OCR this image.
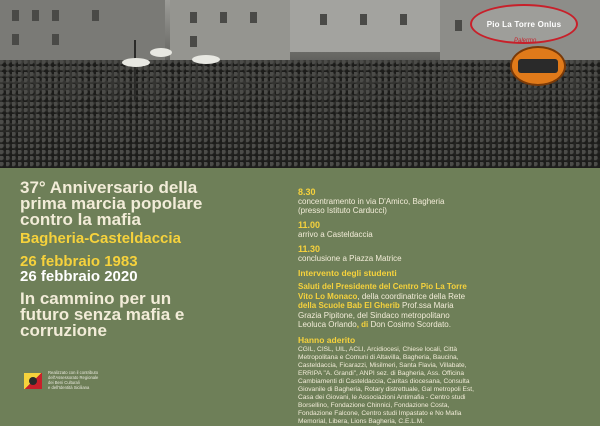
Pio La Torre Onlus
Palermo
37° Anniversario della
prima marcia popolare
contro la mafia
Bagheria-Casteldaccia
26 febbraio 1983
26 febbraio 2020
In cammino per un
futuro senza mafia e
corruzione
8.30
concentramento in via D'Amico, Bagheria
(presso Istituto Carducci)
11.00
arrivo a Casteldaccia
11.30
conclusione a Piazza Matrice
Intervento degli studenti
Saluti del Presidente del Centro Pio La Torre
Vito Lo Monaco, della coordinatrice della Rete
della Scuole Bab El Gherib Prof.ssa Maria
Grazia Pipitone, del Sindaco metropolitano
Leoluca Orlando, di Don Cosimo Scordato.
Hanno aderito
CGIL, CISL, UIL, ACLI, Arcidiocesi, Chiese locali, Città
Metropolitana e Comuni di Altavilla, Bagheria, Baucina,
Casteldaccia, Ficarazzi, Misilmeri, Santa Flavia, Villabate,
ERRIPA "A. Grandi", ANPI sez. di Bagheria, Ass. Officina
Cambiamenti di Casteldaccia, Caritas diocesana, Consulta
Giovanile di Bagheria, Rotary distrettuale, Gal metropoli Est,
Casa dei Giovani, le Associazioni Antimafia - Centro studi
Borsellino, Fondazione Chinnici, Fondazione Costa,
Fondazione Falcone, Centro studi Impastato e No Mafia
Memorial, Libera, Lions Bagheria, C.E.L.M.
Realizzato con il contributo
dell'Assessorato Regionale
dei Beni Culturali
e dell'Identità Siciliana
